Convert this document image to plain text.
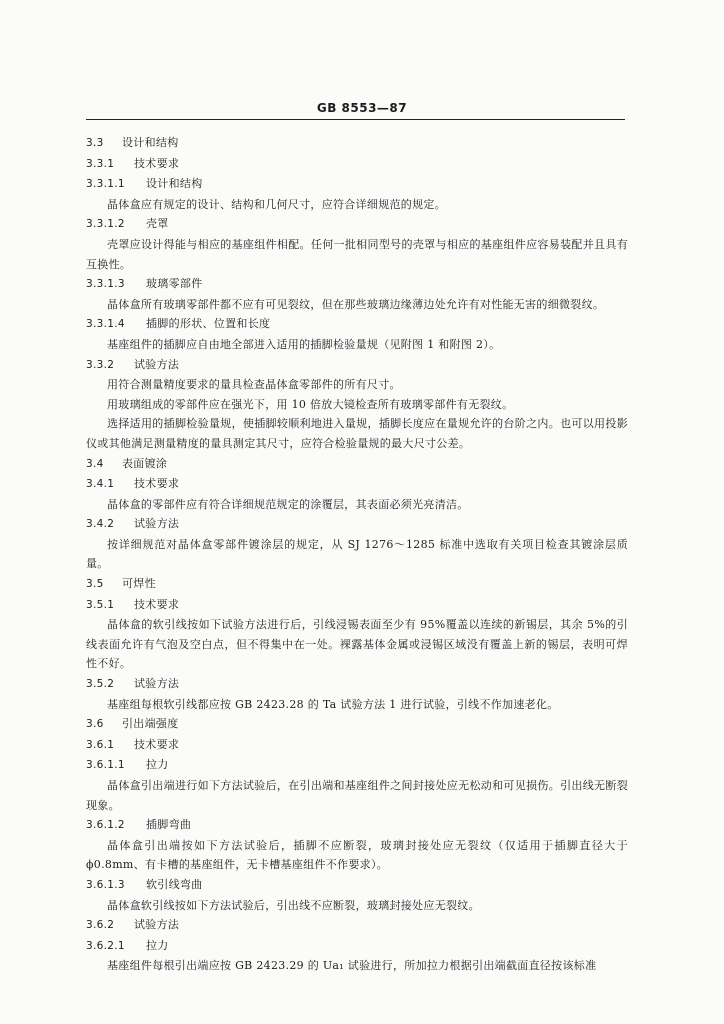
GB 8553—87
3.3 设计和结构
3.3.1 技术要求
3.3.1.1 设计和结构
晶体盒应有规定的设计、结构和几何尺寸，应符合详细规范的规定。
3.3.1.2 壳罩
壳罩应设计得能与相应的基座组件相配。任何一批相同型号的壳罩与相应的基座组件应容易装配并且具有互换性。
3.3.1.3 玻璃零部件
晶体盒所有玻璃零部件都不应有可见裂纹，但在那些玻璃边缘薄边处允许有对性能无害的细微裂纹。
3.3.1.4 插脚的形状、位置和长度
基座组件的插脚应自由地全部进入适用的插脚检验量规（见附图 1 和附图 2）。
3.3.2 试验方法
用符合测量精度要求的量具检查晶体盒零部件的所有尺寸。
用玻璃组成的零部件应在强光下，用 10 倍放大镜检查所有玻璃零部件有无裂纹。
选择适用的插脚检验量规，使插脚较顺利地进入量规，插脚长度应在量规允许的台阶之内。也可以用投影仪或其他满足测量精度的量具测定其尺寸，应符合检验量规的最大尺寸公差。
3.4 表面镀涂
3.4.1 技术要求
晶体盒的零部件应有符合详细规范规定的涂覆层，其表面必须光亮清洁。
3.4.2 试验方法
按详细规范对晶体盒零部件镀涂层的规定，从 SJ 1276～1285 标准中选取有关项目检查其镀涂层质量。
3.5 可焊性
3.5.1 技术要求
晶体盒的软引线按如下试验方法进行后，引线浸锡表面至少有 95%覆盖以连续的新锡层，其余 5%的引线表面允许有气泡及空白点，但不得集中在一处。裸露基体金属或浸锡区域没有覆盖上新的锡层，表明可焊性不好。
3.5.2 试验方法
基座组每根软引线都应按 GB 2423.28 的 Ta 试验方法 1 进行试验，引线不作加速老化。
3.6 引出端强度
3.6.1 技术要求
3.6.1.1 拉力
晶体盒引出端进行如下方法试验后，在引出端和基座组件之间封接处应无松动和可见损伤。引出线无断裂现象。
3.6.1.2 插脚弯曲
晶体盒引出端按如下方法试验后，插脚不应断裂，玻璃封接处应无裂纹（仅适用于插脚直径大于ϕ0.8mm、有卡槽的基座组件，无卡槽基座组件不作要求）。
3.6.1.3 软引线弯曲
晶体盒软引线按如下方法试验后，引出线不应断裂，玻璃封接处应无裂纹。
3.6.2 试验方法
3.6.2.1 拉力
基座组件每根引出端应按 GB 2423.29 的 Ua₁ 试验进行，所加拉力根据引出端截面直径按该标准
